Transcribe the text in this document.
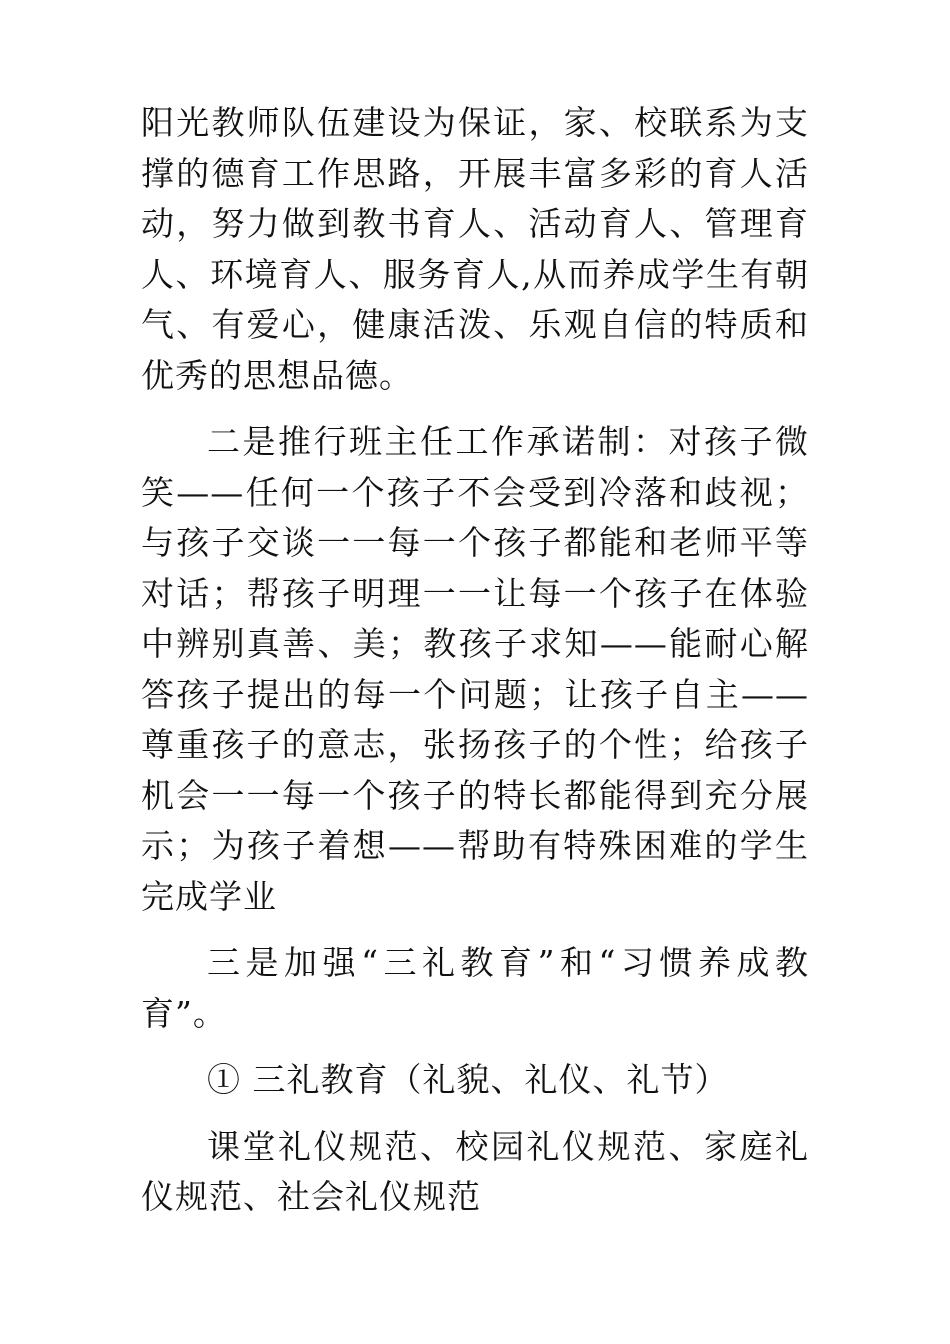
阳光教师队伍建设为保证，家、校联系为支撑的德育工作思路，开展丰富多彩的育人活动，努力做到教书育人、活动育人、管理育人、环境育人、服务育人,从而养成学生有朝气、有爱心，健康活泼、乐观自信的特质和优秀的思想品德。

二是推行班主任工作承诺制：对孩子微笑——任何一个孩子不会受到冷落和歧视；与孩子交谈一一每一个孩子都能和老师平等对话；帮孩子明理一一让每一个孩子在体验中辨别真善、美；教孩子求知——能耐心解答孩子提出的每一个问题；让孩子自主——尊重孩子的意志，张扬孩子的个性；给孩子机会一一每一个孩子的特长都能得到充分展示；为孩子着想——帮助有特殊困难的学生完成学业

三是加强“三礼教育”和“习惯养成教育”。

① 三礼教育（礼貌、礼仪、礼节）

课堂礼仪规范、校园礼仪规范、家庭礼仪规范、社会礼仪规范
